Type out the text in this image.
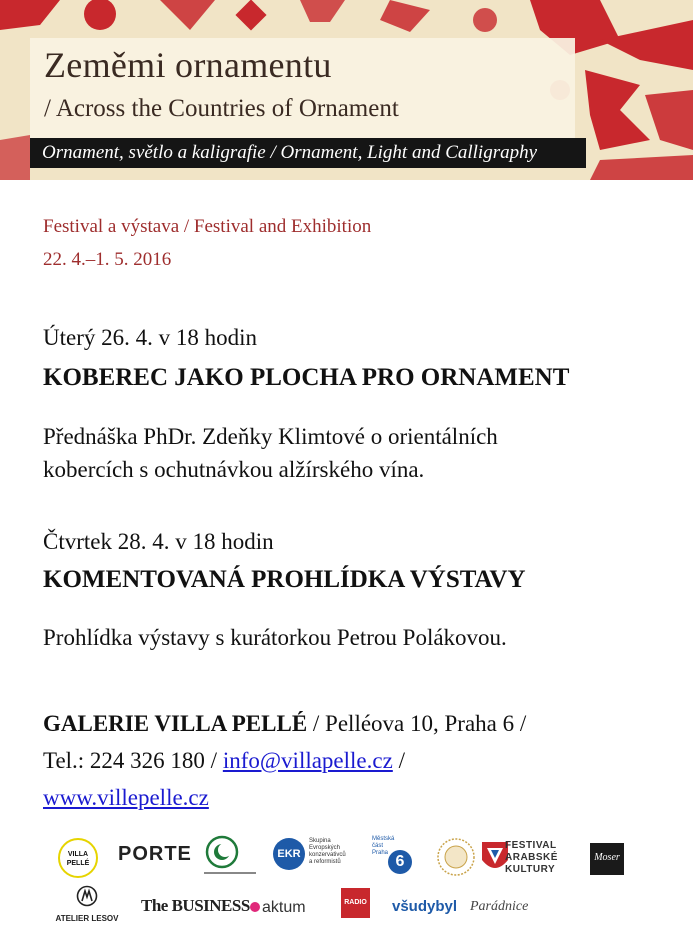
Zeměmi ornamentu
/ Across the Countries of Ornament
Ornament, světlo a kaligrafie / Ornament, Light and Calligraphy
Festival a výstava / Festival and Exhibition
22. 4.–1. 5. 2016
Úterý 26. 4. v 18 hodin
KOBEREC JAKO PLOCHA PRO ORNAMENT
Přednáška PhDr. Zdeňky Klimtové o orientálních
kobercích s ochutnávkou alžírského vína.
Čtvrtek 28. 4. v 18 hodin
KOMENTOVANÁ PROHLÍDKA VÝSTAVY
Prohlídka výstavy s kurátorkou Petrou Polákovou.
GALERIE VILLA PELLÉ / Pelléova 10, Praha 6 /
Tel.: 224 326 180 / info@villapelle.cz /
www.villepelle.cz
VILLA
PELLÉ	PORTE	EKR
Skupina
Evropských
konzervativců
a reformistů
Městská
část
Praha 6
FESTIVAL
ARABSKÉ
KULTURY
Moser
ATELIER LESOV
The BUSINESS aktum	RADIO všudybyl Parádnice
